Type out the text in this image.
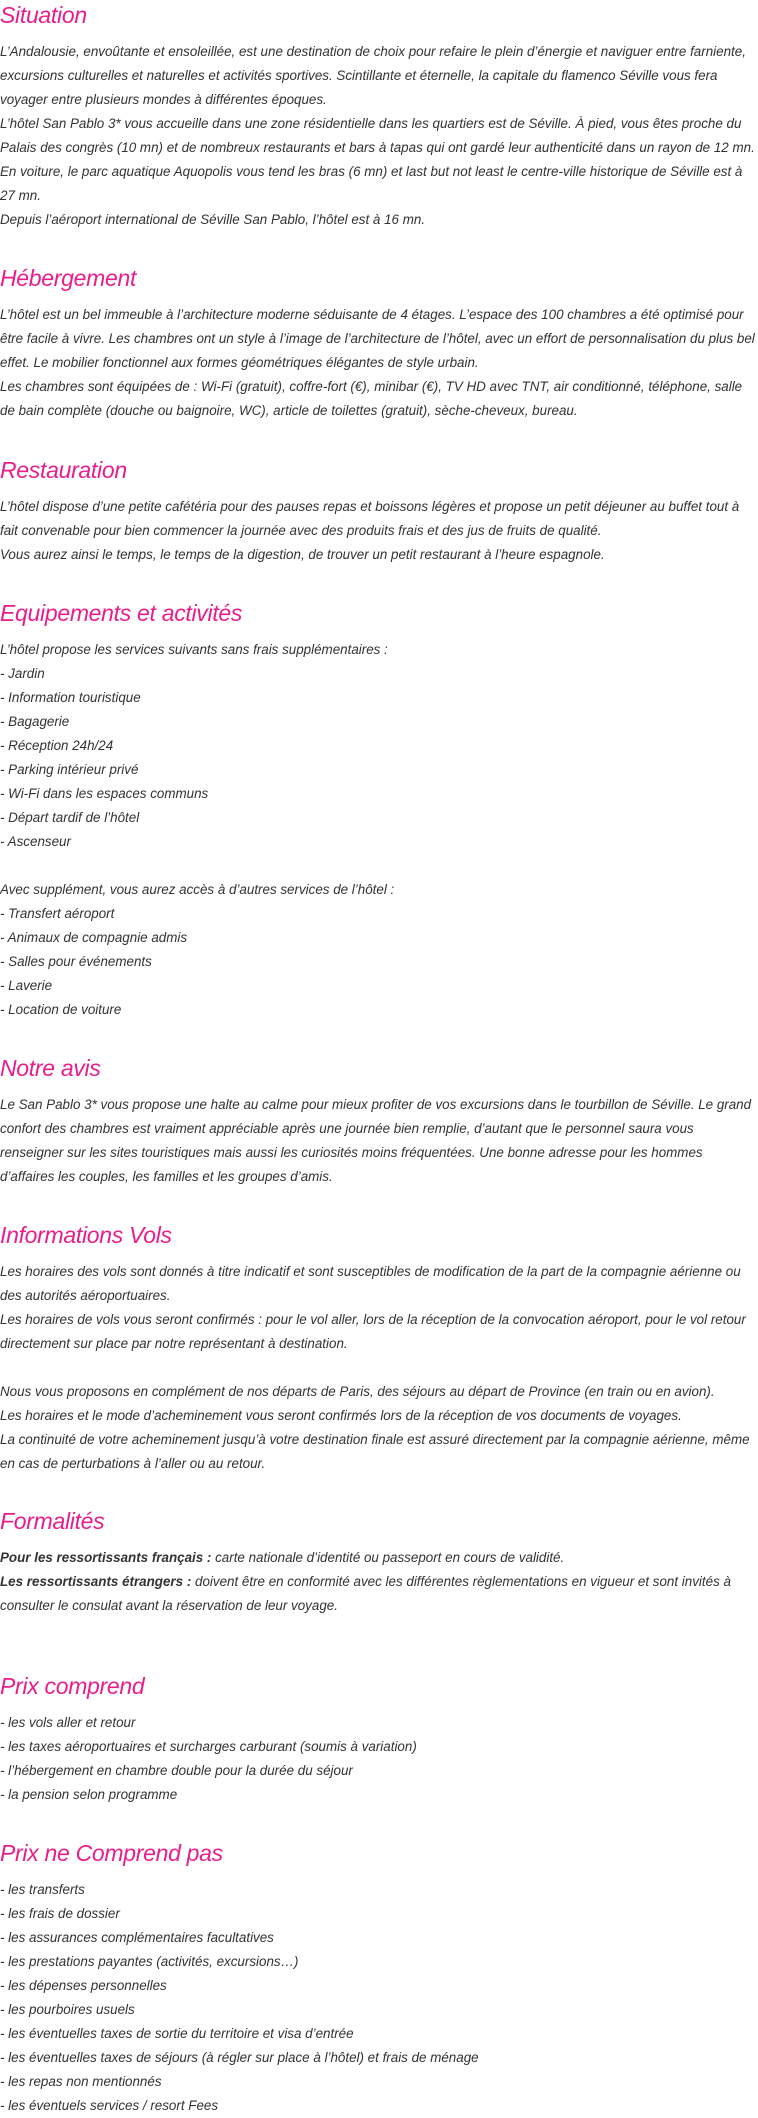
Situation

L’Andalousie, envoûtante et ensoleillée, est une destination de choix pour refaire le plein d’énergie et naviguer entre farniente, excursions culturelles et naturelles et activités sportives. Scintillante et éternelle, la capitale du flamenco Séville vous fera voyager entre plusieurs mondes à différentes époques.

L’hôtel San Pablo 3* vous accueille dans une zone résidentielle dans les quartiers est de Séville. À pied, vous êtes proche du Palais des congrès (10 mn) et de nombreux restaurants et bars à tapas qui ont gardé leur authenticité dans un rayon de 12 mn. En voiture, le parc aquatique Aquopolis vous tend les bras (6 mn) et last but not least le centre-ville historique de Séville est à 27 mn.

Depuis l’aéroport international de Séville San Pablo, l’hôtel est à 16 mn.

Hébergement

L’hôtel est un bel immeuble à l’architecture moderne séduisante de 4 étages. L’espace des 100 chambres a été optimisé pour être facile à vivre. Les chambres ont un style à l’image de l’architecture de l’hôtel, avec un effort de personnalisation du plus bel effet. Le mobilier fonctionnel aux formes géométriques élégantes de style urbain.

Les chambres sont équipées de : Wi-Fi (gratuit), coffre-fort (€), minibar (€), TV HD avec TNT, air conditionné, téléphone, salle de bain complète (douche ou baignoire, WC), article de toilettes (gratuit), sèche-cheveux, bureau.

Restauration

L’hôtel dispose d’une petite cafétéria pour des pauses repas et boissons légères et propose un petit déjeuner au buffet tout à fait convenable pour bien commencer la journée avec des produits frais et des jus de fruits de qualité.

Vous aurez ainsi le temps, le temps de la digestion, de trouver un petit restaurant à l’heure espagnole.

Equipements et activités

L’hôtel propose les services suivants sans frais supplémentaires :

- Jardin

- Information touristique

- Bagagerie

- Réception 24h/24

- Parking intérieur privé

- Wi-Fi dans les espaces communs

- Départ tardif de l’hôtel

- Ascenseur

Avec supplément, vous aurez accès à d’autres services de l’hôtel :

- Transfert aéroport

- Animaux de compagnie admis

- Salles pour événements

- Laverie

- Location de voiture

Notre avis

Le San Pablo 3* vous propose une halte au calme pour mieux profiter de vos excursions dans le tourbillon de Séville. Le grand confort des chambres est vraiment appréciable après une journée bien remplie, d’autant que le personnel saura vous renseigner sur les sites touristiques mais aussi les curiosités moins fréquentées. Une bonne adresse pour les hommes d’affaires les couples, les familles et les groupes d’amis.

Informations Vols

Les horaires des vols sont donnés à titre indicatif et sont susceptibles de modification de la part de la compagnie aérienne ou des autorités aéroportuaires.

Les horaires de vols vous seront confirmés : pour le vol aller, lors de la réception de la convocation aéroport, pour le vol retour directement sur place par notre représentant à destination.

Nous vous proposons en complément de nos départs de Paris, des séjours au départ de Province (en train ou en avion).

Les horaires et le mode d’acheminement vous seront confirmés lors de la réception de vos documents de voyages.

La continuité de votre acheminement jusqu’à votre destination finale est assuré directement par la compagnie aérienne, même en cas de perturbations à l’aller ou au retour.

Formalités

Pour les ressortissants français : carte nationale d’identité ou passeport en cours de validité.

Les ressortissants étrangers : doivent être en conformité avec les différentes règlementations en vigueur et sont invités à consulter le consulat avant la réservation de leur voyage.

Prix comprend

- les vols aller et retour

- les taxes aéroportuaires et surcharges carburant (soumis à variation)

- l’hébergement en chambre double pour la durée du séjour

- la pension selon programme

Prix ne Comprend pas

- les transferts

- les frais de dossier

- les assurances complémentaires facultatives

- les prestations payantes (activités, excursions…)

- les dépenses personnelles

- les pourboires usuels

- les éventuelles taxes de sortie du territoire et visa d’entrée

- les éventuelles taxes de séjours (à régler sur place à l’hôtel) et frais de ménage

- les repas non mentionnés

- les éventuels services / resort Fees
